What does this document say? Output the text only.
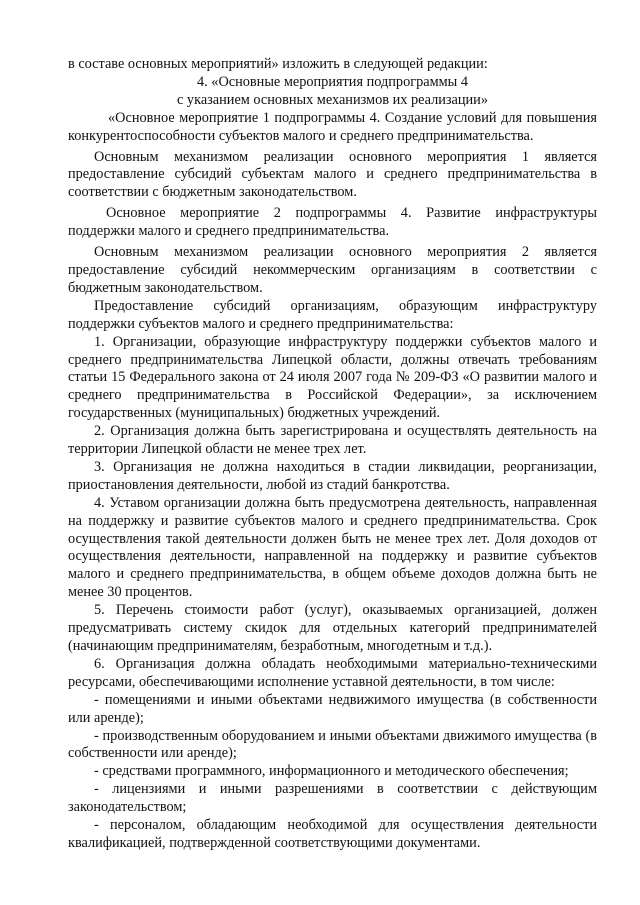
в составе основных мероприятий» изложить в следующей редакции:

4. «Основные мероприятия подпрограммы 4

с указанием основных механизмов их реализации»

«Основное мероприятие 1 подпрограммы 4. Создание условий для повышения конкурентоспособности субъектов малого и среднего предпринимательства.

Основным механизмом реализации основного мероприятия 1 является предоставление субсидий субъектам малого и среднего предпринимательства в соответствии с бюджетным законодательством.

Основное мероприятие 2 подпрограммы 4. Развитие инфраструктуры поддержки малого и среднего предпринимательства.

Основным механизмом реализации основного мероприятия 2 является предоставление субсидий некоммерческим организациям в соответствии с бюджетным законодательством.

Предоставление субсидий организациям, образующим инфраструктуру поддержки субъектов малого и среднего предпринимательства:

1. Организации, образующие инфраструктуру поддержки субъектов малого и среднего предпринимательства Липецкой области, должны отвечать требованиям статьи 15 Федерального закона от 24 июля 2007 года № 209-ФЗ «О развитии малого и среднего предпринимательства в Российской Федерации», за исключением государственных (муниципальных) бюджетных учреждений.

2. Организация должна быть зарегистрирована и осуществлять деятельность на территории Липецкой области не менее трех лет.

3. Организация не должна находиться в стадии ликвидации, реорганизации, приостановления деятельности, любой из стадий банкротства.

4. Уставом организации должна быть предусмотрена деятельность, направленная на поддержку и развитие субъектов малого и среднего предпринимательства. Срок осуществления такой деятельности должен быть не менее трех лет. Доля доходов от осуществления деятельности, направленной на поддержку и развитие субъектов малого и среднего предпринимательства, в общем объеме доходов должна быть не менее 30 процентов.

5. Перечень стоимости работ (услуг), оказываемых организацией, должен предусматривать систему скидок для отдельных категорий предпринимателей (начинающим предпринимателям, безработным, многодетным и т.д.).

6. Организация должна обладать необходимыми материально-техническими ресурсами, обеспечивающими исполнение уставной деятельности, в том числе:

- помещениями и иными объектами недвижимого имущества (в собственности или аренде);

- производственным оборудованием и иными объектами движимого имущества (в собственности или аренде);

- средствами программного, информационного и методического обеспечения;

- лицензиями и иными разрешениями в соответствии с действующим законодательством;

- персоналом, обладающим необходимой для осуществления деятельности квалификацией, подтвержденной соответствующими документами.
